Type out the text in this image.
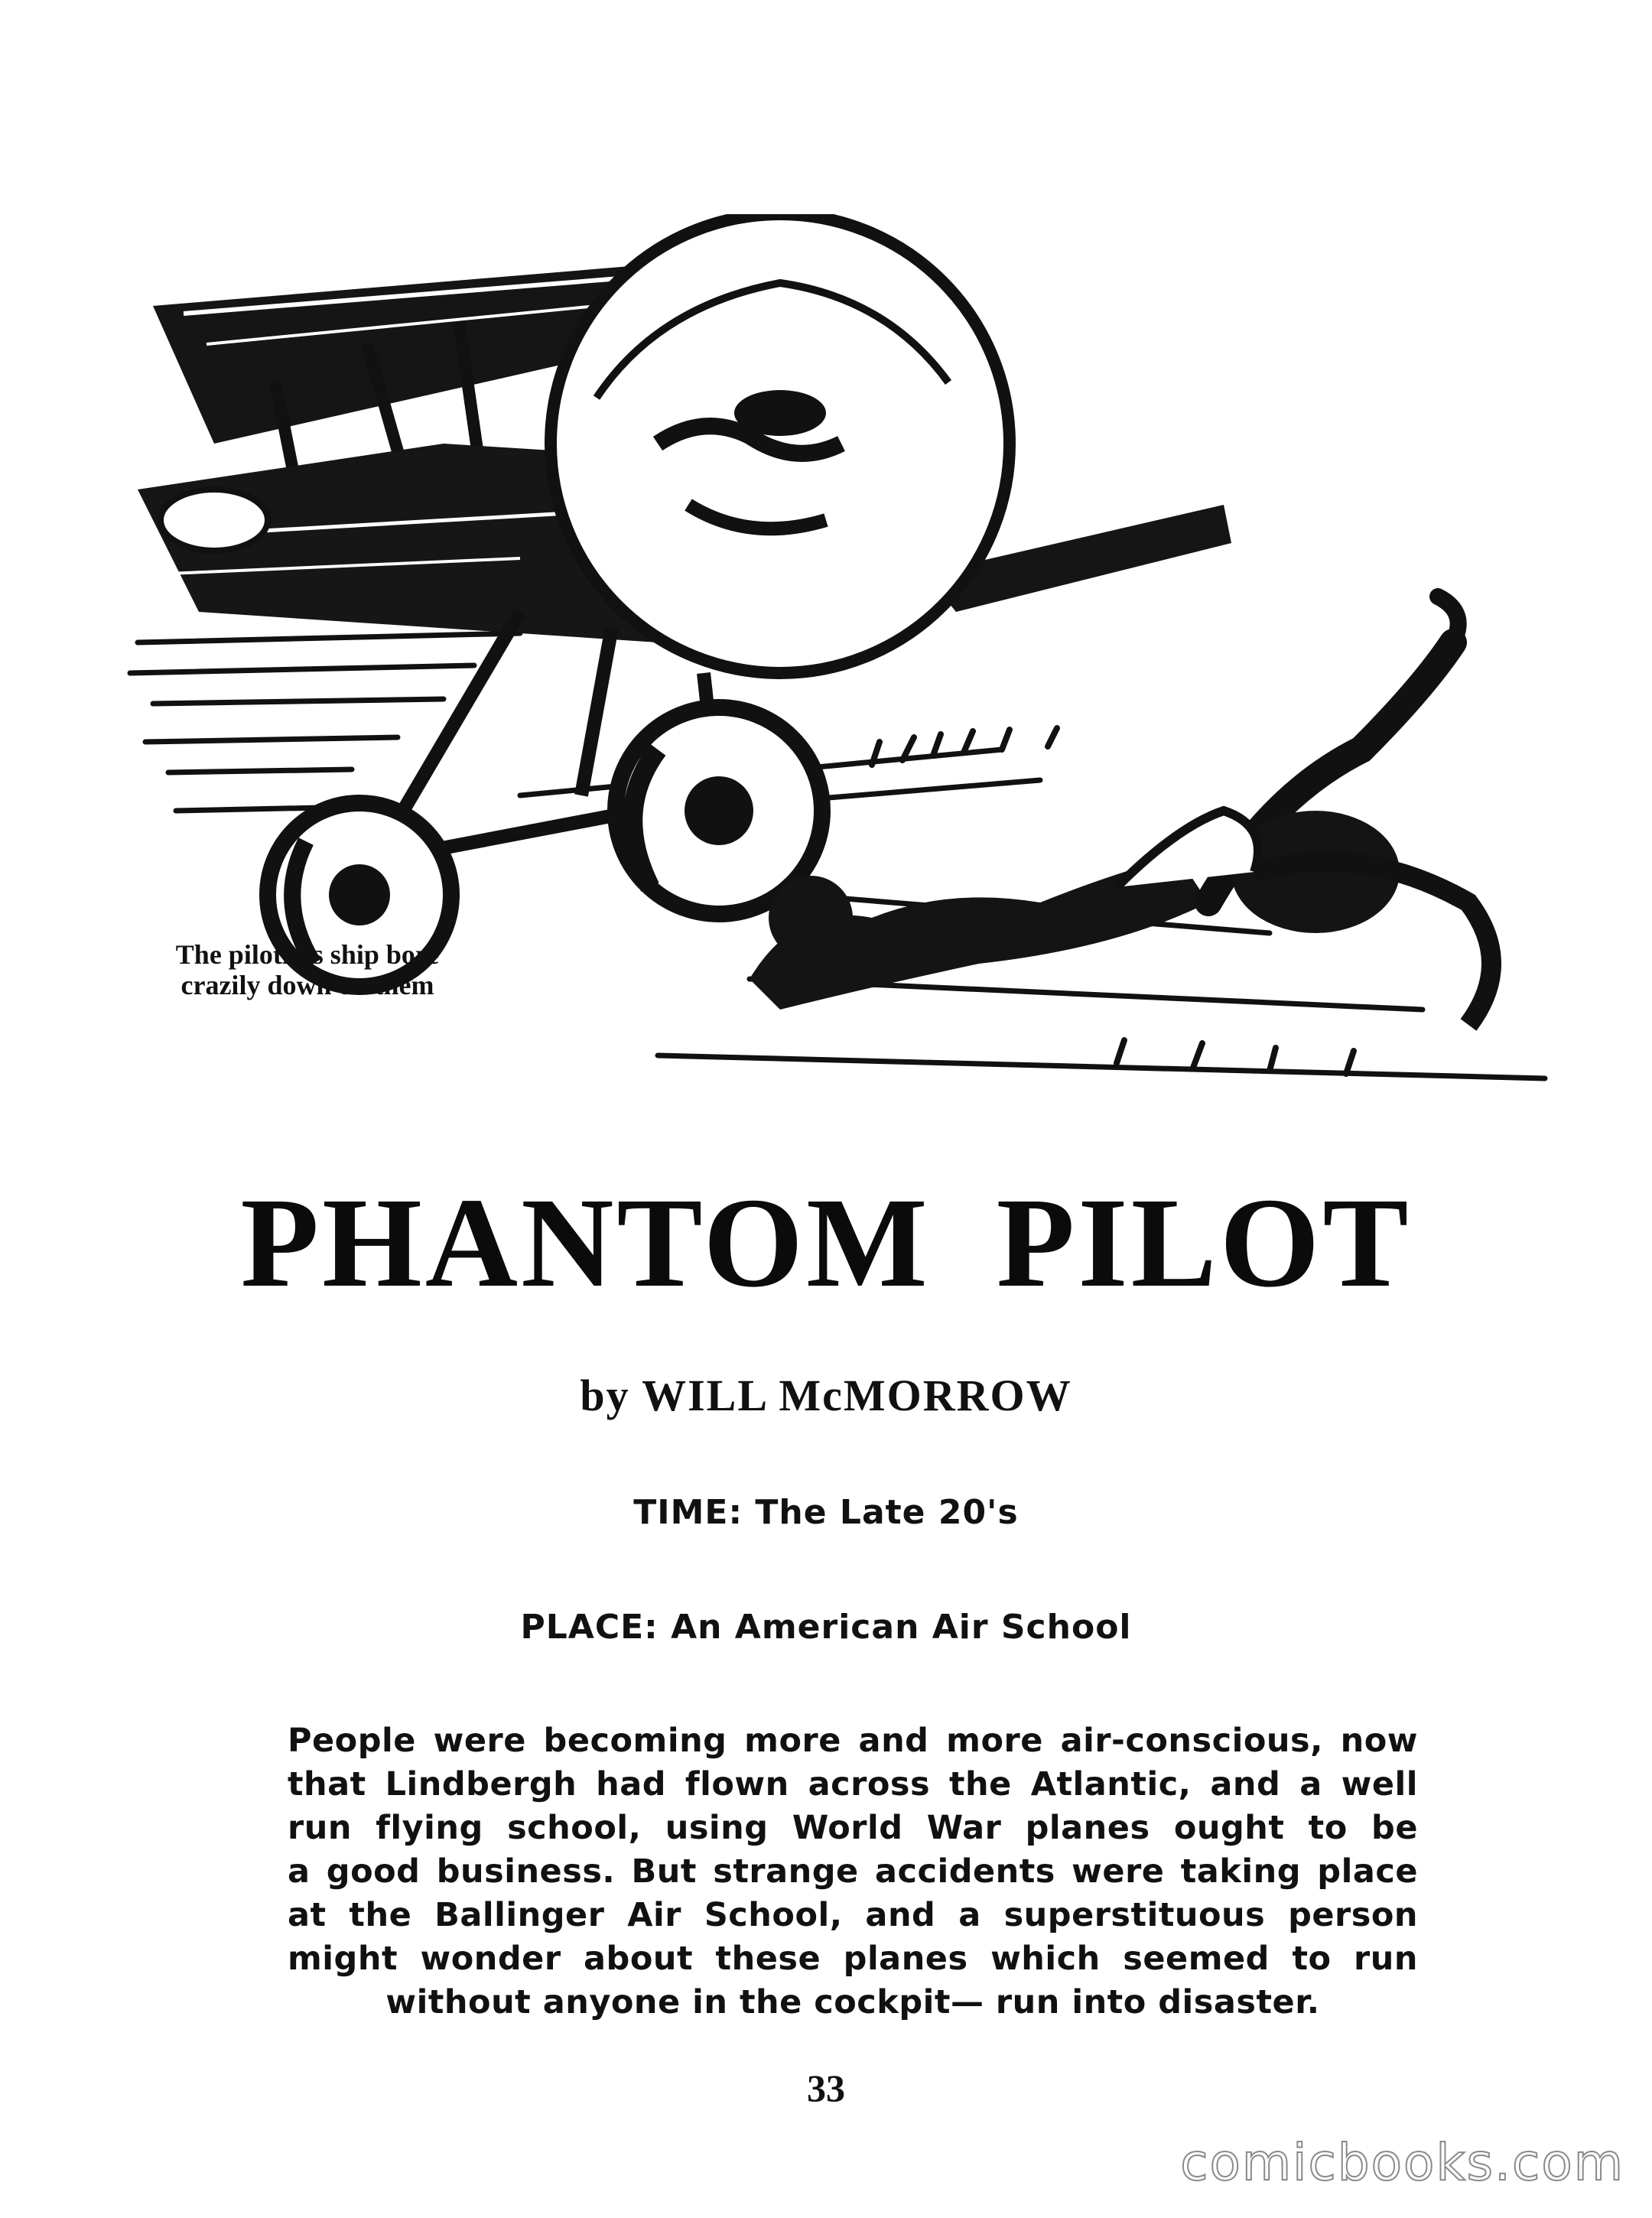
The pilotless ship bore
crazily down on them
PHANTOM PILOT
by WILL McMORROW
TIME: The Late 20's
PLACE: An American Air School
People were becoming more and more air-conscious, now
that Lindbergh had flown across the Atlantic, and a well
run flying school, using World War planes ought to be
a good business. But strange accidents were taking place
at the Ballinger Air School, and a superstituous person
might wonder about these planes which seemed to run
without anyone in the cockpit— run into disaster.
33
comicbooks.com
